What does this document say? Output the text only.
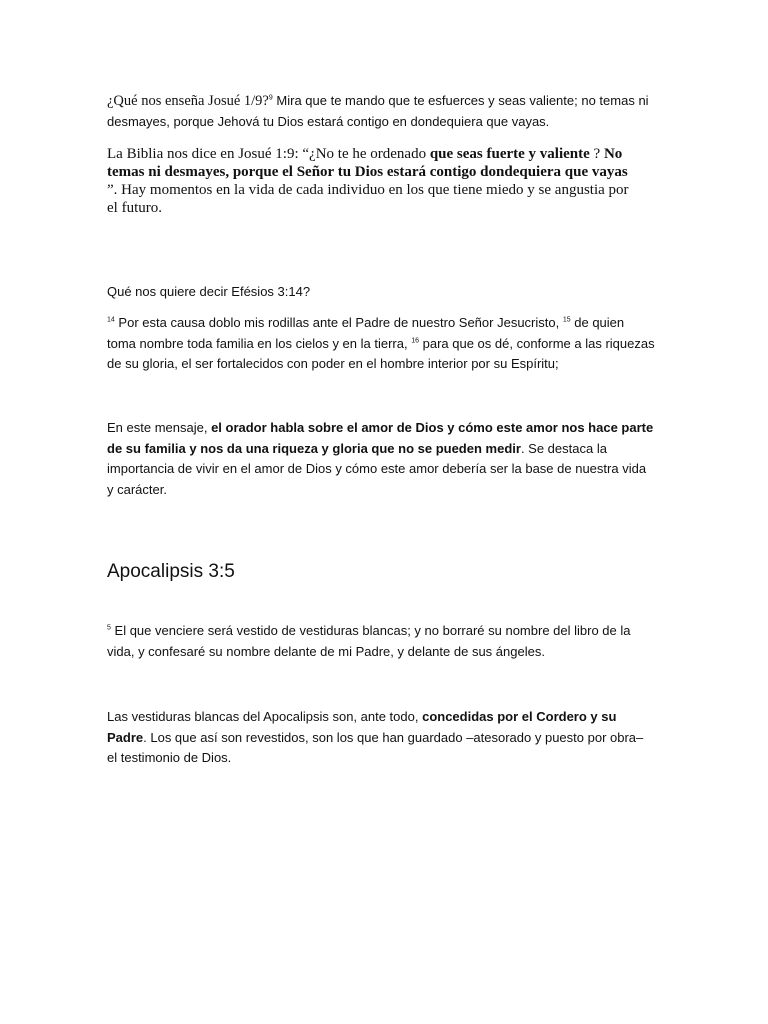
¿Qué nos enseña Josué 1/9?$^9$ Mira que te mando que te esfuerces y seas valiente; no temas ni desmayes, porque Jehová tu Dios estará contigo en dondequiera que vayas.

La Biblia nos dice en Josué 1:9: “¿No te he ordenado que seas fuerte y valiente ? No temas ni desmayes, porque el Señor tu Dios estará contigo dondequiera que vayas ”. Hay momentos en la vida de cada individuo en los que tiene miedo y se angustia por el futuro.

Qué nos quiere decir Efésios 3:14?

$^{14}$ Por esta causa doblo mis rodillas ante el Padre de nuestro Señor Jesucristo, $^{15}$ de quien toma nombre toda familia en los cielos y en la tierra, $^{16}$ para que os dé, conforme a las riquezas de su gloria, el ser fortalecidos con poder en el hombre interior por su Espíritu;

En este mensaje, el orador habla sobre el amor de Dios y cómo este amor nos hace parte de su familia y nos da una riqueza y gloria que no se pueden medir. Se destaca la importancia de vivir en el amor de Dios y cómo este amor debería ser la base de nuestra vida y carácter.

Apocalipsis 3:5

$^5$ El que venciere será vestido de vestiduras blancas; y no borraré su nombre del libro de la vida, y confesaré su nombre delante de mi Padre, y delante de sus ángeles.

Las vestiduras blancas del Apocalipsis son, ante todo, concedidas por el Cordero y su Padre. Los que así son revestidos, son los que han guardado –atesorado y puesto por obra– el testimonio de Dios.
